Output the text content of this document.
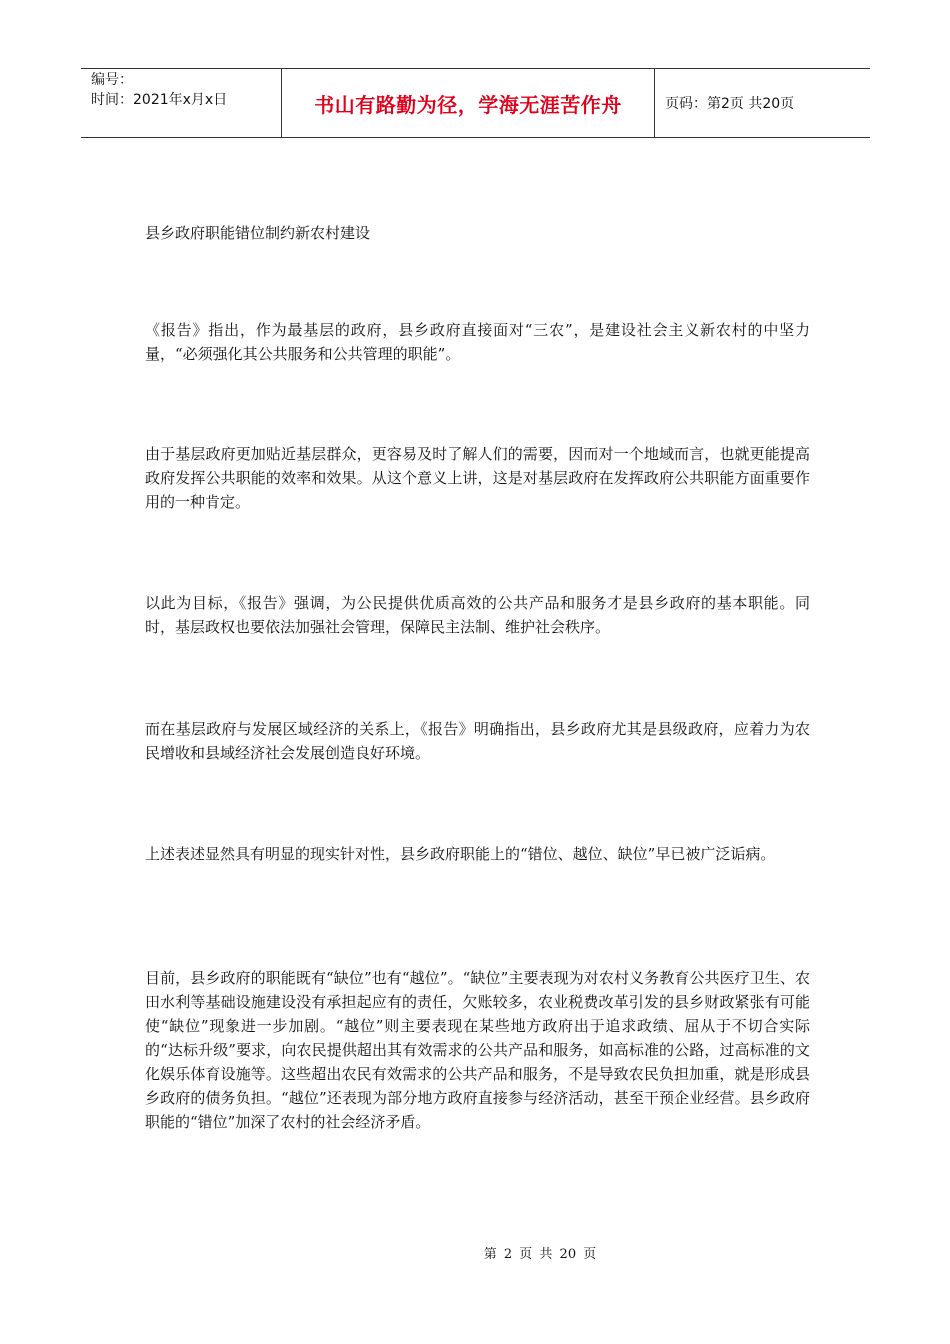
编号：
时间：2021年x月x日	书山有路勤为径，学海无涯苦作舟	页码：第2页 共20页
县乡政府职能错位制约新农村建设

《报告》指出，作为最基层的政府，县乡政府直接面对“三农”，是建设社会主义新农村的中坚力量，“必须强化其公共服务和公共管理的职能”。

由于基层政府更加贴近基层群众，更容易及时了解人们的需要，因而对一个地域而言，也就更能提高政府发挥公共职能的效率和效果。从这个意义上讲，这是对基层政府在发挥政府公共职能方面重要作用的一种肯定。

以此为目标，《报告》强调，为公民提供优质高效的公共产品和服务才是县乡政府的基本职能。同时，基层政权也要依法加强社会管理，保障民主法制、维护社会秩序。

而在基层政府与发展区域经济的关系上，《报告》明确指出，县乡政府尤其是县级政府，应着力为农民增收和县域经济社会发展创造良好环境。

上述表述显然具有明显的现实针对性，县乡政府职能上的“错位、越位、缺位”早已被广泛诟病。

目前，县乡政府的职能既有“缺位”也有“越位”。“缺位”主要表现为对农村义务教育公共医疗卫生、农田水利等基础设施建设没有承担起应有的责任，欠账较多，农业税费改革引发的县乡财政紧张有可能使“缺位”现象进一步加剧。“越位”则主要表现在某些地方政府出于追求政绩、屈从于不切合实际的“达标升级”要求，向农民提供超出其有效需求的公共产品和服务，如高标准的公路，过高标准的文化娱乐体育设施等。这些超出农民有效需求的公共产品和服务，不是导致农民负担加重，就是形成县乡政府的债务负担。“越位”还表现为部分地方政府直接参与经济活动，甚至干预企业经营。县乡政府职能的“错位”加深了农村的社会经济矛盾。

第 2 页 共 20 页
